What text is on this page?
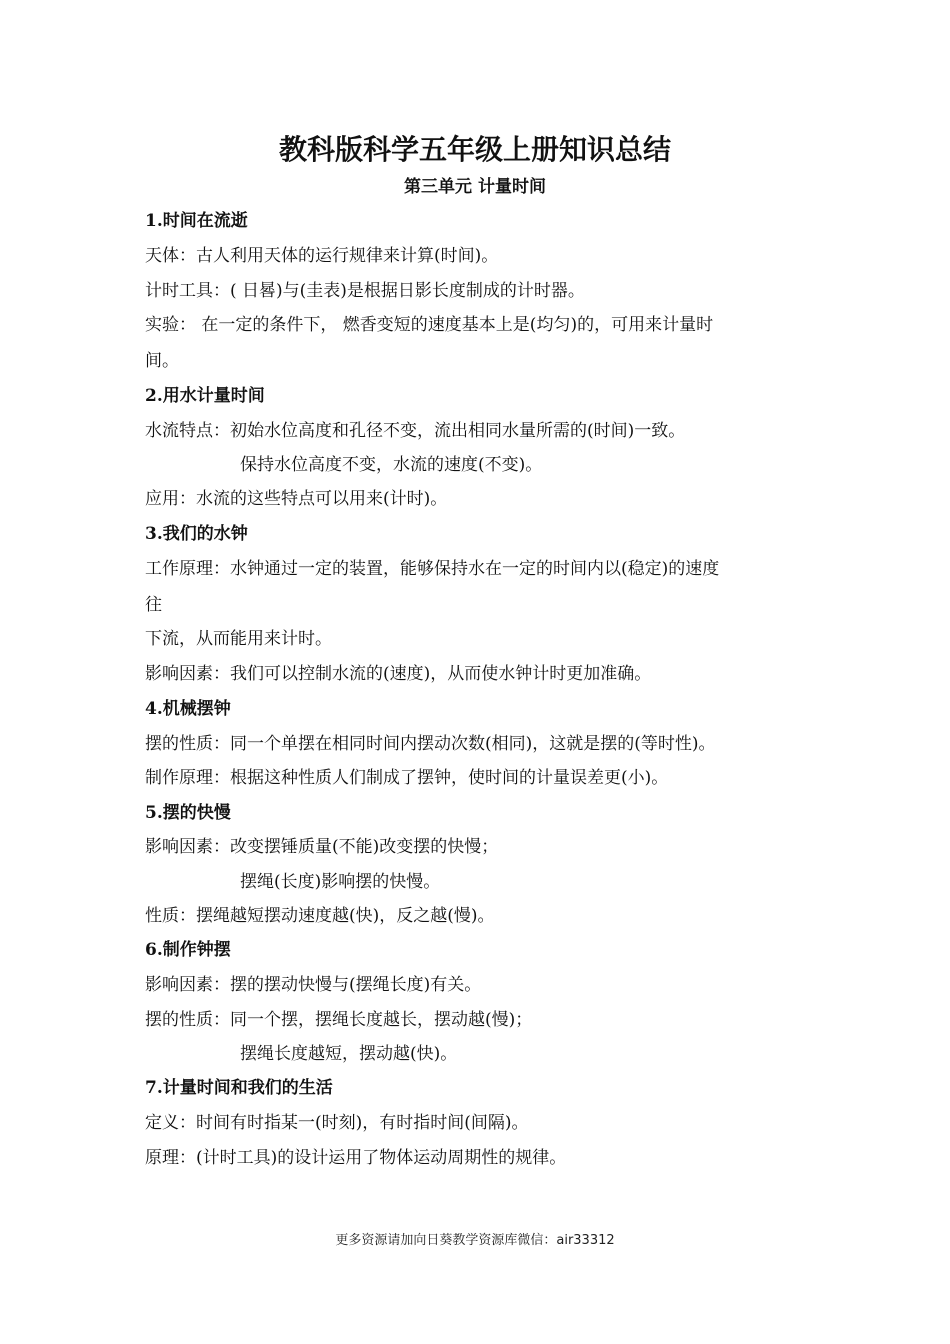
教科版科学五年级上册知识总结
第三单元 计量时间
1.时间在流逝
天体：古人利用天体的运行规律来计算(时间)。
计时工具：( 日晷)与(圭表)是根据日影长度制成的计时器。
实验： 在一定的条件下， 燃香变短的速度基本上是(均匀)的，可用来计量时
间。
2.用水计量时间
水流特点：初始水位高度和孔径不变，流出相同水量所需的(时间)一致。
保持水位高度不变，水流的速度(不变)。
应用：水流的这些特点可以用来(计时)。
3.我们的水钟
工作原理：水钟通过一定的装置，能够保持水在一定的时间内以(稳定)的速度
往
下流，从而能用来计时。
影响因素：我们可以控制水流的(速度)，从而使水钟计时更加准确。
4.机械摆钟
摆的性质：同一个单摆在相同时间内摆动次数(相同)，这就是摆的(等时性)。
制作原理：根据这种性质人们制成了摆钟，使时间的计量误差更(小)。
5.摆的快慢
影响因素：改变摆锤质量(不能)改变摆的快慢；
摆绳(长度)影响摆的快慢。
性质：摆绳越短摆动速度越(快)，反之越(慢)。
6.制作钟摆
影响因素：摆的摆动快慢与(摆绳长度)有关。
摆的性质：同一个摆，摆绳长度越长，摆动越(慢)；
摆绳长度越短，摆动越(快)。
7.计量时间和我们的生活
定义：时间有时指某一(时刻)，有时指时间(间隔)。
原理：(计时工具)的设计运用了物体运动周期性的规律。
更多资源请加向日葵教学资源库微信：air33312
